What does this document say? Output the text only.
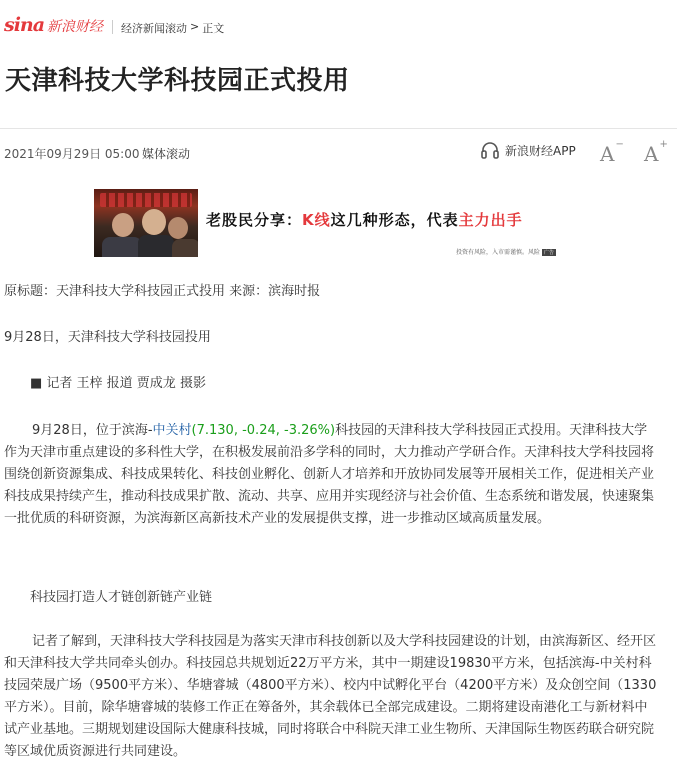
sina 新浪财经 经济新闻滚动 > 正文
天津科技大学科技园正式投用
2021年09月29日 05:00 媒体滚动	新浪财经APP A− A+
老股民分享：K线这几种形态，代表主力出手
投资有风险，入市需谨慎。风险 广告

原标题：天津科技大学科技园正式投用 来源：滨海时报

9月28日，天津科技大学科技园投用

■ 记者 王梓 报道 贾成龙 摄影

9月28日，位于滨海-中关村(7.130, -0.24, -3.26%)科技园的天津科技大学科技园正式投用。天津科技大学作为天津市重点建设的多科性大学，在积极发展前沿多学科的同时，大力推动产学研合作。天津科技大学科技园将围绕创新资源集成、科技成果转化、科技创业孵化、创新人才培养和开放协同发展等开展相关工作，促进相关产业科技成果持续产生，推动科技成果扩散、流动、共享、应用并实现经济与社会价值、生态系统和谐发展，快速聚集一批优质的科研资源，为滨海新区高新技术产业的发展提供支撑，进一步推动区域高质量发展。

科技园打造人才链创新链产业链

记者了解到，天津科技大学科技园是为落实天津市科技创新以及大学科技园建设的计划，由滨海新区、经开区和天津科技大学共同牵头创办。科技园总共规划近22万平方米，其中一期建设19830平方米，包括滨海-中关村科技园荣晟广场（9500平方米）、华塘睿城（4800平方米）、校内中试孵化平台（4200平方米）及众创空间（1330平方米）。目前，除华塘睿城的装修工作正在筹备外，其余载体已全部完成建设。二期将建设南港化工与新材料中试产业基地。三期规划建设国际大健康科技城，同时将联合中科院天津工业生物所、天津国际生物医药联合研究院等区域优质资源进行共同建设。
